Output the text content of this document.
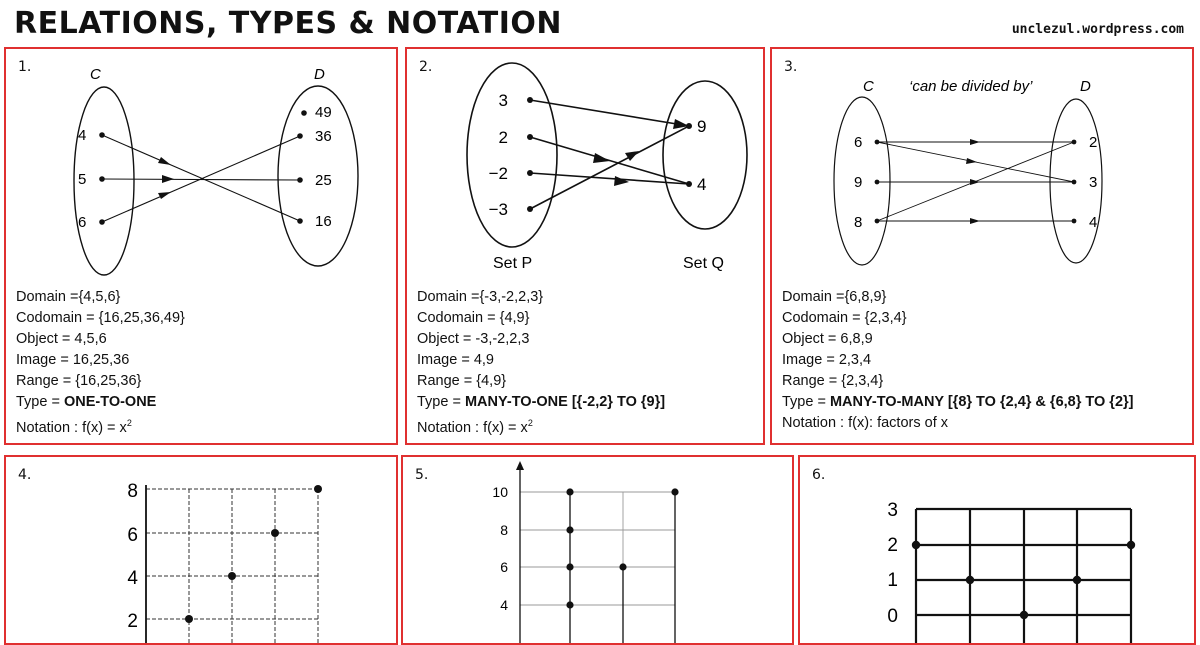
RELATIONS, TYPES & NOTATION	unclezul.wordpress.com
1.	C	D
4
5
6
49
36
25
16
Domain ={4,5,6}
Codomain = {16,25,36,49}
Object = 4,5,6
Image = 16,25,36
Range = {16,25,36}
Type = ONE-TO-ONE
Notation : $f(x) = x^2$
2.
3
2
−2
−3
9
4
Set P	Set Q
Domain ={-3,-2,2,3}
Codomain = {4,9}
Object = -3,-2,2,3
Image = 4,9
Range = {4,9}
Type = MANY-TO-ONE [{-2,2} TO {9}]
Notation : $f(x) = x^2$
3.
C ‘can be divided by’	D
6
9
8
2
3
4
Domain ={6,8,9}
Codomain = {2,3,4}
Object = 6,8,9
Image = 2,3,4
Range = {2,3,4}
Type = MANY-TO-MANY [{8} TO {2,4} & {6,8} TO {2}]
Notation : f(x): factors of x
4.
8
6
4
2
5.
10
8
6
4
6.
3
2
1
0
